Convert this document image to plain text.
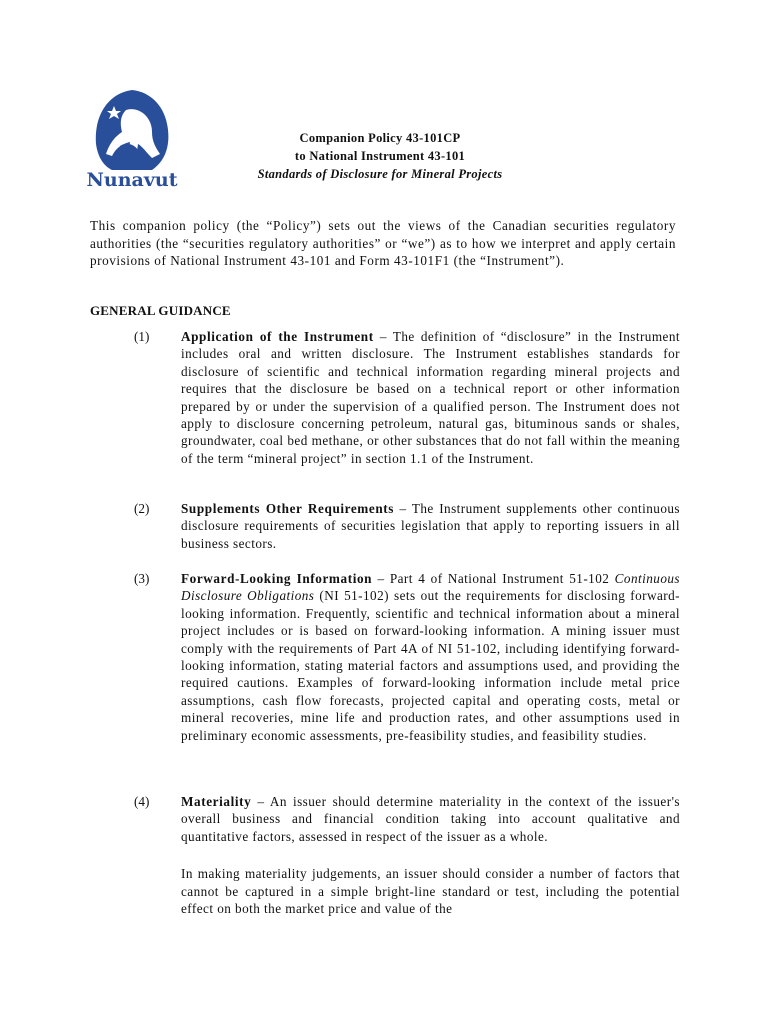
ᓄᓇᕗᑦ
Nunavut
Companion Policy 43-101CP
to National Instrument 43-101
Standards of Disclosure for Mineral Projects
This companion policy (the “Policy”) sets out the views of the Canadian securities regulatory authorities (the “securities regulatory authorities” or “we”) as to how we interpret and apply certain provisions of National Instrument 43-101 and Form 43-101F1 (the “Instrument”).
GENERAL GUIDANCE
(1) Application of the Instrument – The definition of “disclosure” in the Instrument includes oral and written disclosure. The Instrument establishes standards for disclosure of scientific and technical information regarding mineral projects and requires that the disclosure be based on a technical report or other information prepared by or under the supervision of a qualified person. The Instrument does not apply to disclosure concerning petroleum, natural gas, bituminous sands or shales, groundwater, coal bed methane, or other substances that do not fall within the meaning of the term “mineral project” in section 1.1 of the Instrument.
(2) Supplements Other Requirements – The Instrument supplements other continuous disclosure requirements of securities legislation that apply to reporting issuers in all business sectors.
(3) Forward-Looking Information – Part 4 of National Instrument 51-102 Continuous Disclosure Obligations (NI 51-102) sets out the requirements for disclosing forward-looking information. Frequently, scientific and technical information about a mineral project includes or is based on forward-looking information. A mining issuer must comply with the requirements of Part 4A of NI 51-102, including identifying forward-looking information, stating material factors and assumptions used, and providing the required cautions. Examples of forward-looking information include metal price assumptions, cash flow forecasts, projected capital and operating costs, metal or mineral recoveries, mine life and production rates, and other assumptions used in preliminary economic assessments, pre-feasibility studies, and feasibility studies.
(4) Materiality – An issuer should determine materiality in the context of the issuer's overall business and financial condition taking into account qualitative and quantitative factors, assessed in respect of the issuer as a whole.
In making materiality judgements, an issuer should consider a number of factors that cannot be captured in a simple bright-line standard or test, including the potential effect on both the market price and value of the
